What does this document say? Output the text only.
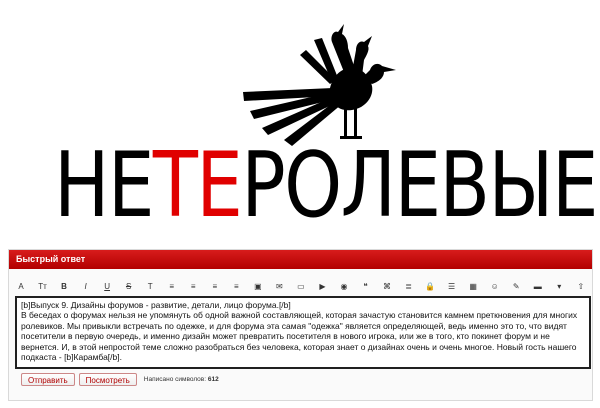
НЕТЕРОЛЕВЫЕ
Быстрый ответ
A	Tт	B	I	U	S	T	≡	≡	≡	≡	▣	✉	▭	▶	◉	❝	⌘	≣	🔒	☰	▦ ☺	✎	▬	▾	⇧
[b]Выпуск 9. Дизайны форумов - развитие, детали, лицо форума.[/b]
В беседах о форумах нельзя не упомянуть об одной важной составляющей, которая зачастую становится камнем преткновения для многих ролевиков. Мы привыкли встречать по одежке, и для форума эта самая "одежка" является определяющей, ведь именно это то, что видят посетители в первую очередь, и именно дизайн может превратить посетителя в нового игрока, или же в того, кто покинет форум и не вернется. И, в этой непростой теме сложно разобраться без человека, которая знает о дизайнах очень и очень многое. Новый гость нашего подкаста - [b]Карамба[/b].
Отправить	Посмотреть	Написано символов: 612
